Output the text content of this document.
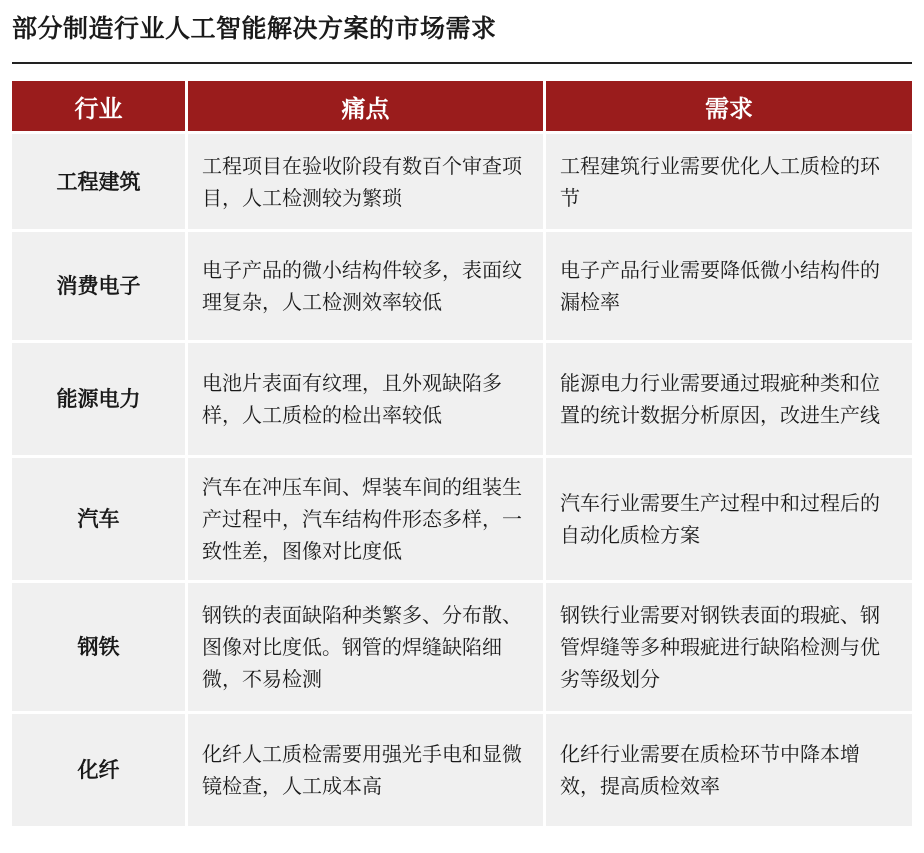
部分制造行业人工智能解决方案的市场需求
行业	痛点	需求
工程建筑	工程项目在验收阶段有数百个审查项目，人工检测较为繁琐	工程建筑行业需要优化人工质检的环节
消费电子	电子产品的微小结构件较多，表面纹理复杂，人工检测效率较低	电子产品行业需要降低微小结构件的漏检率
能源电力	电池片表面有纹理，且外观缺陷多样，人工质检的检出率较低	能源电力行业需要通过瑕疵种类和位置的统计数据分析原因，改进生产线
汽车	汽车在冲压车间、焊装车间的组装生产过程中，汽车结构件形态多样，一致性差，图像对比度低	汽车行业需要生产过程中和过程后的自动化质检方案
钢铁	钢铁的表面缺陷种类繁多、分布散、图像对比度低。钢管的焊缝缺陷细微，不易检测	钢铁行业需要对钢铁表面的瑕疵、钢管焊缝等多种瑕疵进行缺陷检测与优劣等级划分
化纤	化纤人工质检需要用强光手电和显微镜检查，人工成本高	化纤行业需要在质检环节中降本增效，提高质检效率
